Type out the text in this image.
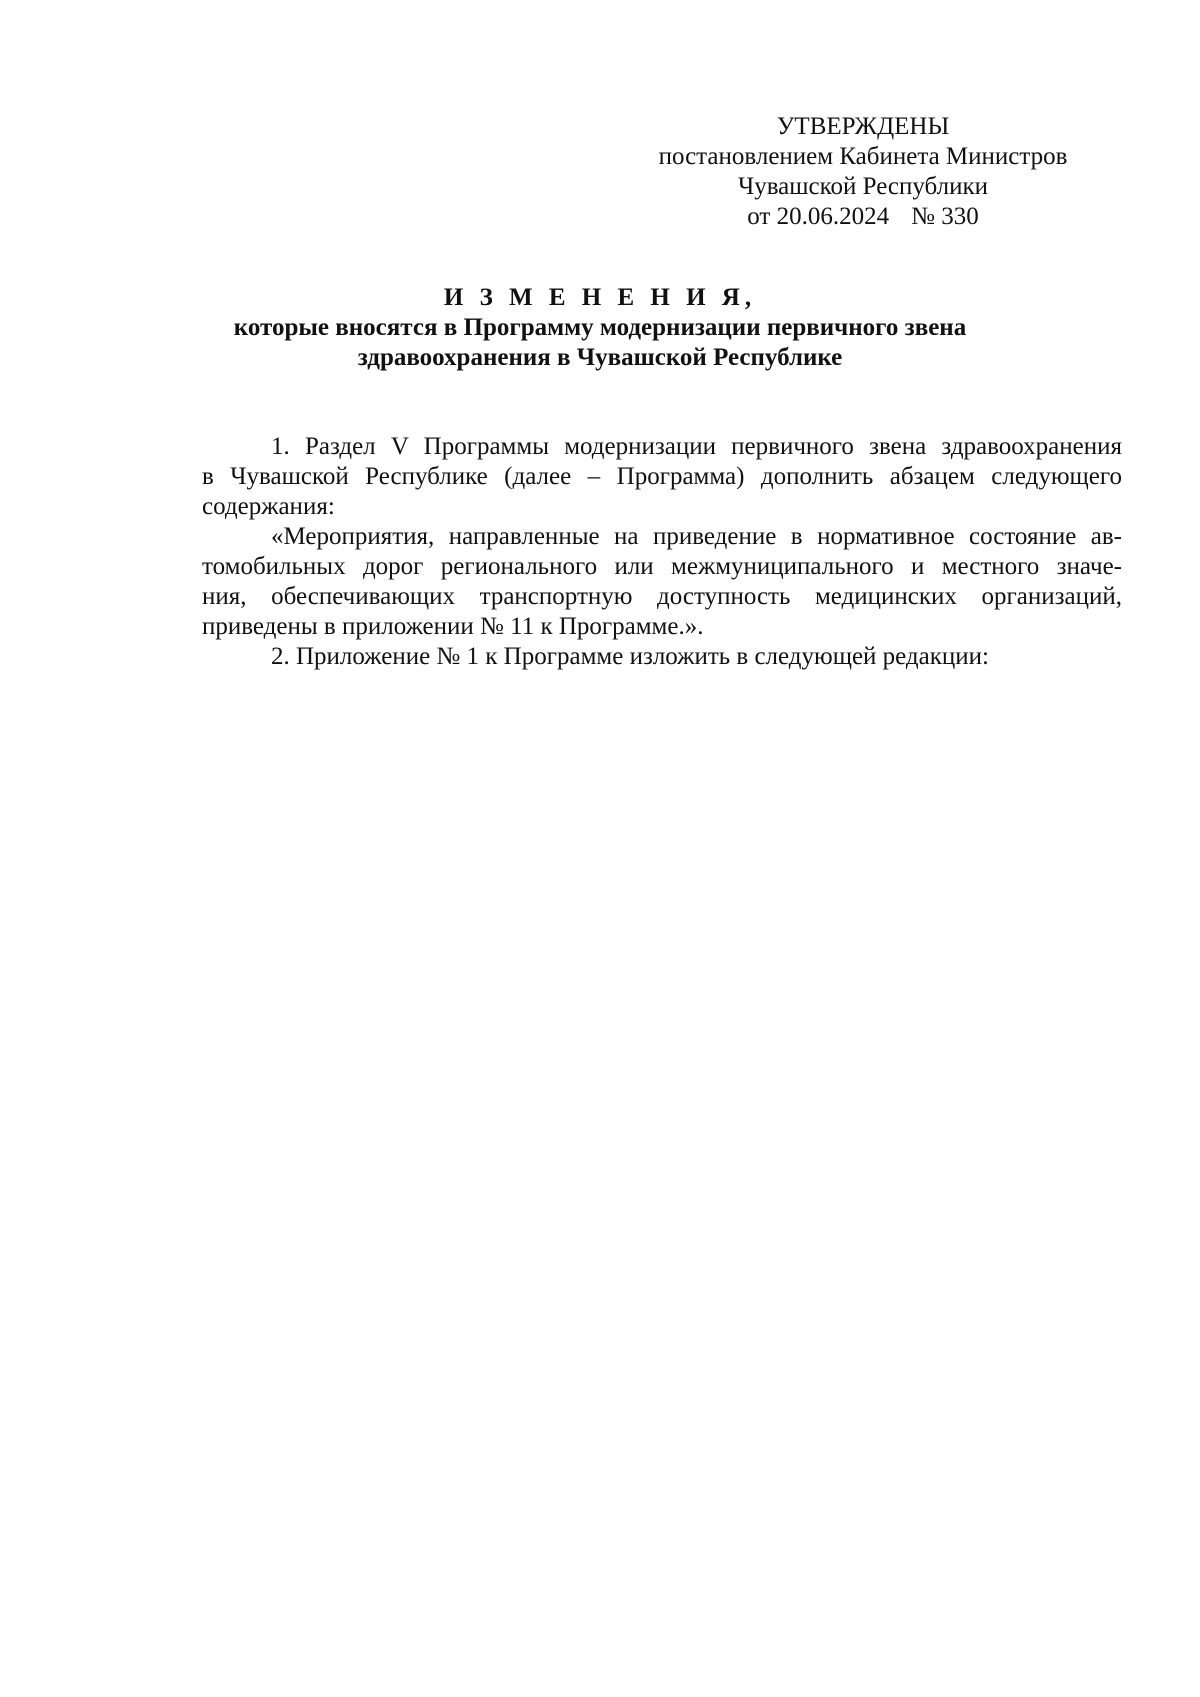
УТВЕРЖДЕНЫ
постановлением Кабинета Министров
Чувашской Республики
от 20.06.2024 № 330
И З М Е Н Е Н И Я,
которые вносятся в Программу модернизации первичного звена
здравоохранения в Чувашской Республике
1. Раздел V Программы модернизации первичного звена здравоохранения
в Чувашской Республике (далее – Программа) дополнить абзацем следующего
содержания:
«Мероприятия, направленные на приведение в нормативное состояние ав-
томобильных дорог регионального или межмуниципального и местного значе-
ния, обеспечивающих транспортную доступность медицинских организаций,
приведены в приложении № 11 к Программе.».
2. Приложение № 1 к Программе изложить в следующей редакции:
